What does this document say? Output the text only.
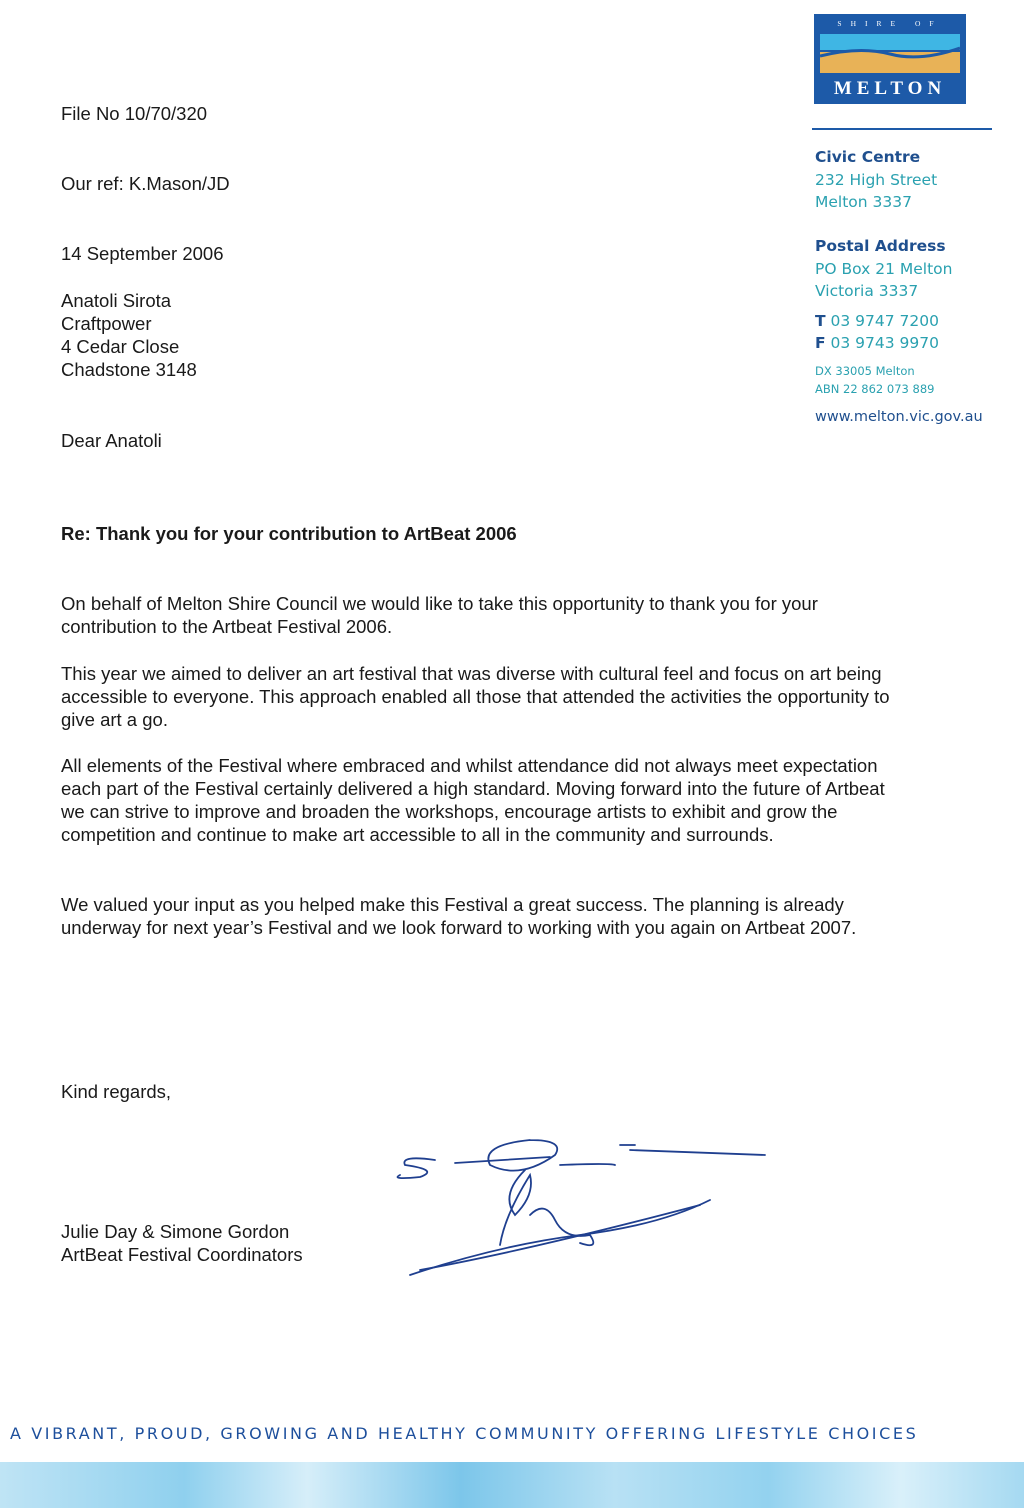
SHIRE OF
MELTON
Civic Centre
232 High Street
Melton 3337
Postal Address
PO Box 21 Melton
Victoria 3337
T 03 9747 7200
F 03 9743 9970
DX 33005 Melton
ABN 22 862 073 889
www.melton.vic.gov.au
File No 10/70/320
Our ref: K.Mason/JD
14 September 2006
Anatoli Sirota
Craftpower
4 Cedar Close
Chadstone 3148
Dear Anatoli
Re: Thank you for your contribution to ArtBeat 2006
On behalf of Melton Shire Council we would like to take this opportunity to thank you for your contribution to the Artbeat Festival 2006.
This year we aimed to deliver an art festival that was diverse with cultural feel and focus on art being accessible to everyone. This approach enabled all those that attended the activities the opportunity to give art a go.
All elements of the Festival where embraced and whilst attendance did not always meet expectation each part of the Festival certainly delivered a high standard. Moving forward into the future of Artbeat we can strive to improve and broaden the workshops, encourage artists to exhibit and grow the competition and continue to make art accessible to all in the community and surrounds.
We valued your input as you helped make this Festival a great success. The planning is already underway for next year’s Festival and we look forward to working with you again on Artbeat 2007.
Kind regards,
Julie Day & Simone Gordon
ArtBeat Festival Coordinators
A VIBRANT, PROUD, GROWING AND HEALTHY COMMUNITY OFFERING LIFESTYLE CHOICES
